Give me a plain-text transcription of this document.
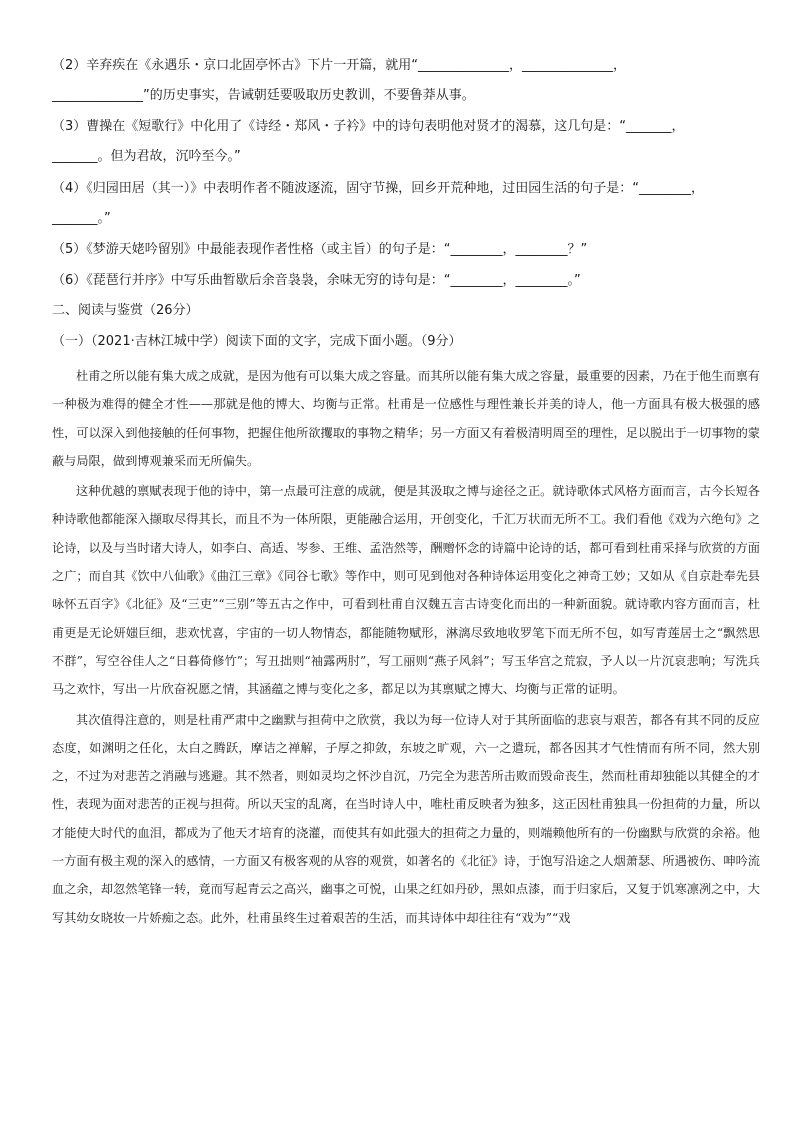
（2）辛弃疾在《永遇乐・京口北固亭怀古》下片一开篇，就用“______________，______________，
______________”的历史事实，告诫朝廷要吸取历史教训，不要鲁莽从事。
（3）曹操在《短歌行》中化用了《诗经・郑风・子衿》中的诗句表明他对贤才的渴慕，这几句是：“_______，
_______。但为君故，沉吟至今。”
（4）《归园田居（其一）》中表明作者不随波逐流，固守节操，回乡开荒种地，过田园生活的句子是：“________，
_______。”
（5）《梦游天姥吟留别》中最能表现作者性格（或主旨）的句子是：“________，________？”
（6）《琵琶行并序》中写乐曲暂歇后余音袅袅，余味无穷的诗句是：“________，________。”
二、阅读与鉴赏（26分）
（一）（2021·吉林江城中学）阅读下面的文字，完成下面小题。（9分）

杜甫之所以能有集大成之成就，是因为他有可以集大成之容量。而其所以能有集大成之容量，最重要的因素，乃在于他生而禀有一种极为难得的健全才性——那就是他的博大、均衡与正常。杜甫是一位感性与理性兼长并美的诗人，他一方面具有极大极强的感性，可以深入到他接触的任何事物，把握住他所欲攫取的事物之精华；另一方面又有着极清明周至的理性，足以脱出于一切事物的蒙蔽与局限，做到博观兼采而无所偏失。

这种优越的禀赋表现于他的诗中，第一点最可注意的成就，便是其汲取之博与途径之正。就诗歌体式风格方面而言，古今长短各种诗歌他都能深入撷取尽得其长，而且不为一体所限，更能融合运用，开创变化，千汇万状而无所不工。我们看他《戏为六绝句》之论诗，以及与当时诸大诗人，如李白、高适、岑参、王维、孟浩然等，酬赠怀念的诗篇中论诗的话，都可看到杜甫采择与欣赏的方面之广；而自其《饮中八仙歌》《曲江三章》《同谷七歌》等作中，则可见到他对各种诗体运用变化之神奇工妙；又如从《自京赴奉先县咏怀五百字》《北征》及“三吏”“三别”等五古之作中，可看到杜甫自汉魏五言古诗变化而出的一种新面貌。就诗歌内容方面而言，杜甫更是无论妍媸巨细，悲欢忧喜，宇宙的一切人物情态，都能随物赋形，淋漓尽致地收罗笔下而无所不包，如写青莲居士之“飘然思不群”，写空谷佳人之“日暮倚修竹”；写丑拙则“袖露两肘”，写工丽则“燕子风斜”；写玉华宫之荒寂，予人以一片沉哀悲响；写洗兵马之欢忭，写出一片欣奋祝愿之情，其涵蕴之博与变化之多，都足以为其禀赋之博大、均衡与正常的证明。

其次值得注意的，则是杜甫严肃中之幽默与担荷中之欣赏，我以为每一位诗人对于其所面临的悲哀与艰苦，都各有其不同的反应态度，如渊明之任化，太白之腾跃，摩诘之禅解，子厚之抑敛，东坡之旷观，六一之遣玩，都各因其才气性情而有所不同，然大别之，不过为对悲苦之消融与逃避。其不然者，则如灵均之怀沙自沉，乃完全为悲苦所击败而毁命丧生，然而杜甫却独能以其健全的才性，表现为面对悲苦的正视与担荷。所以天宝的乱离，在当时诗人中，唯杜甫反映者为独多，这正因杜甫独具一份担荷的力量，所以才能使大时代的血泪，都成为了他天才培育的浇灌，而使其有如此强大的担荷之力量的，则端赖他所有的一份幽默与欣赏的余裕。他一方面有极主观的深入的感情，一方面又有极客观的从容的观赏，如著名的《北征》诗，于饱写沿途之人烟萧瑟、所遇被伤、呻吟流血之余，却忽然笔锋一转，竟而写起青云之高兴，幽事之可悦，山果之红如丹砂，黑如点漆，而于归家后，又复于饥寒凛冽之中，大写其幼女晓妆一片娇痴之态。此外，杜甫虽终生过着艰苦的生活，而其诗体中却往往有“戏为”“戏
